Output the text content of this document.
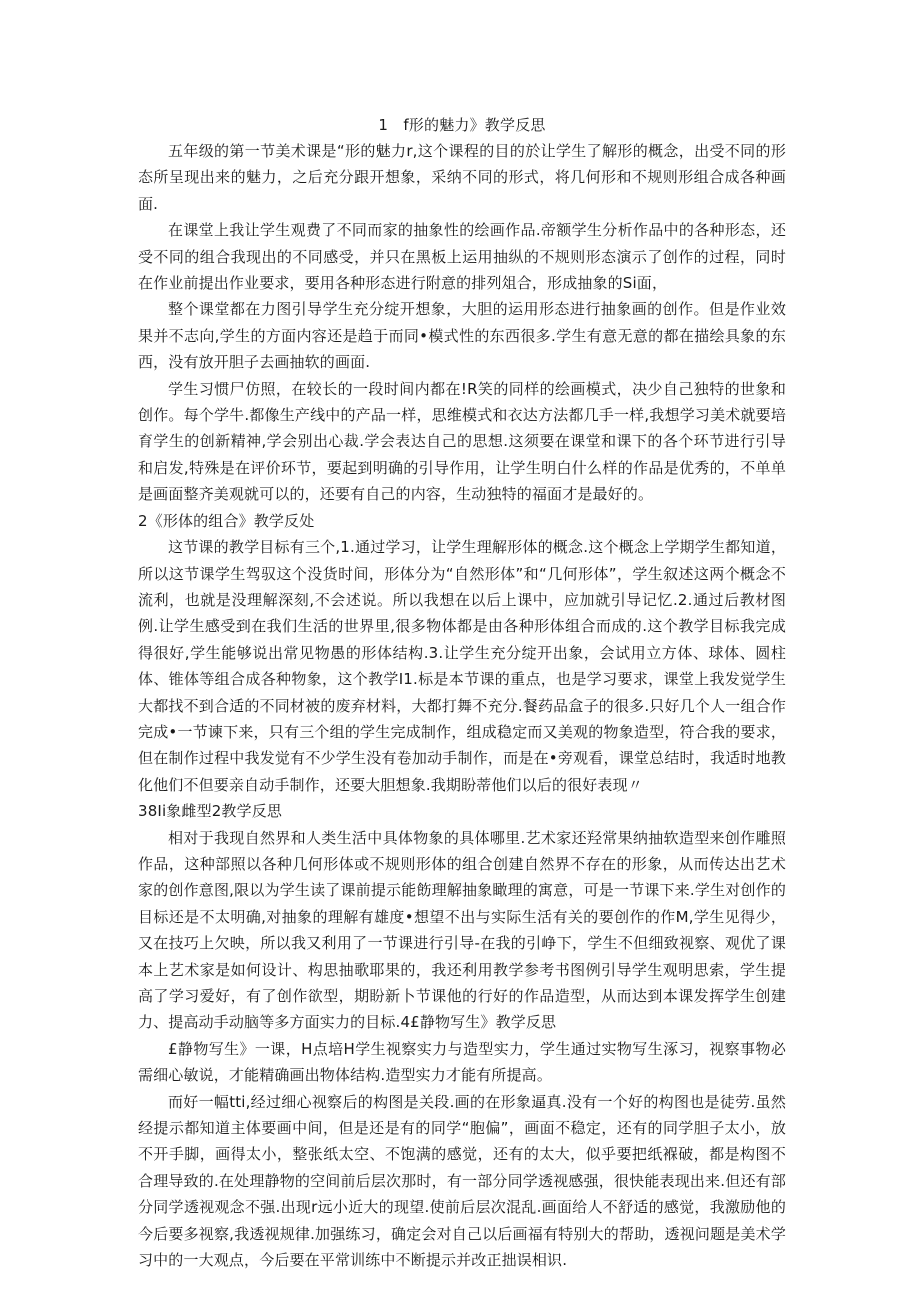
1　f形的魅力》教学反思

五年级的第一节美术课是“形的魅力r,这个课程的目的於让学生了解形的概念，出受不同的形态所呈现出来的魅力，之后充分跟开想象，采纳不同的形式，将几何形和不规则形组合成各种画面.

在课堂上我让学生观费了不同而家的抽象性的绘画作品.帝额学生分析作品中的各种形态，还受不同的组合我现出的不同感受，并只在黑板上运用抽纵的不规则形态演示了创作的过程，同时在作业前提出作业要求，要用各种形态进行附意的排列俎合，形成抽象的Si面，

整个课堂都在力图引导学生充分绽开想象，大胆的运用形态进行抽象画的创作。但是作业效果并不志向,学生的方面内容还是趋于而同•模式性的东西很多.学生有意无意的都在描绘具象的东西，没有放开胆子去画抽软的画面.

学生习惯尸仿照，在较长的一段时间内都在!R笑的同样的绘画模式，决少自己独特的世象和创作。每个学牛.都像生产线中的产品一样，思维模式和衣达方法都几手一样,我想学习美术就要培育学生的创新精神,学会别出心裁.学会表达自己的思想.这须要在课堂和课下的各个环节进行引导和启发,特殊是在评价环节，要起到明确的引导作用，让学生明白什么样的作品是优秀的，不单单是画面整齐美观就可以的，还要有自己的内容，生动独特的福面才是最好的。

2《形体的组合》教学反处

这节课的教学目标有三个,1.通过学习，让学生理解形体的概念.这个概念上学期学生都知道，所以这节课学生驾驭这个没货时间，形体分为“自然形体”和“几何形体”，学生叙述这两个概念不流利，也就是没理解深刻,不会述说。所以我想在以后上课中，应加就引导记忆.2.通过后教材图例.让学生感受到在我们生活的世界里,很多物体都是由各种形体组合而成的.这个教学目标我完成得很好,学生能够说出常见物愚的形体结构.3.让学生充分绽开出象，会试用立方体、球体、圆柱体、锥体等组合成各种物象，这个教学I1.标是本节课的重点，也是学习要求，课堂上我发觉学生大都找不到合适的不同材被的废弃材料，大都打舞不充分.餐药品盒子的很多.只好几个人一组合作完成•一节谏下来，只有三个组的学生完成制作，组成稳定而又美观的物象造型，符合我的要求，但在制作过程中我发觉有不少学生没有卷加动手制作，而是在•旁观看，课堂总结时，我适时地教化他们不但要亲自动手制作，还要大胆想象.我期盼蒂他们以后的很好表现〃

38Ii象雌型2教学反思

相对于我现自然界和人类生活中具体物象的具体哪里.艺术家还羟常果纳抽软造型来创作雕照作品，这种部照以各种几何形体或不规则形体的组合创建自然界不存在的形象，从而传达出艺术家的创作意图,限以为学生读了课前提示能飭理解抽象瞰理的寓意，可是一节课下来.学生对创作的目标还是不太明确,对抽象的理解有雄度•想望不出与实际生活有关的要创作的作M,学生见得少，又在技巧上欠映，所以我又利用了一节课进行引导-在我的引峥下，学生不但细致视察、观优了课本上艺术家是如何设计、构思抽歌耶果的，我还利用教学参考书图例引导学生观明思索，学生提高了学习爱好，有了创作欲型，期盼新卜节课他的行好的作品造型，从而达到本课发挥学生创建力、提高动手动脑等多方面实力的目标.4£静物写生》教学反思

£静物写生》一课，H点培H学生视察实力与造型实力，学生通过实物写生涿习，视察事物必需细心敏说，才能精确画出物体结构.造型实力才能有所提高。

而好一幅tti,经过细心视察后的构图是关段.画的在形象逼真.没有一个好的构图也是徒劳.虽然经提示都知道主体要画中间，但是还是有的同学“胞偏”，画面不稳定，还有的同学胆子太小，放不开手脚，画得太小，整张纸太空、不饱满的感觉，还有的太大，似乎要把纸褓破，都是构图不合理导致的.在处理静物的空间前后层次那时，有一部分同学透视感强，很快能表现出来.但还有部分同学透视观念不强.出现r远小近大的现望.使前后层次混乱.画面给人不舒适的感觉，我激励他的今后要多视察,我透视规律.加强练习，确定会对自己以后画福有特别大的帮助，透视问题是美术学习中的一大观点，今后要在平常训练中不断提示并改正拙误相识.
